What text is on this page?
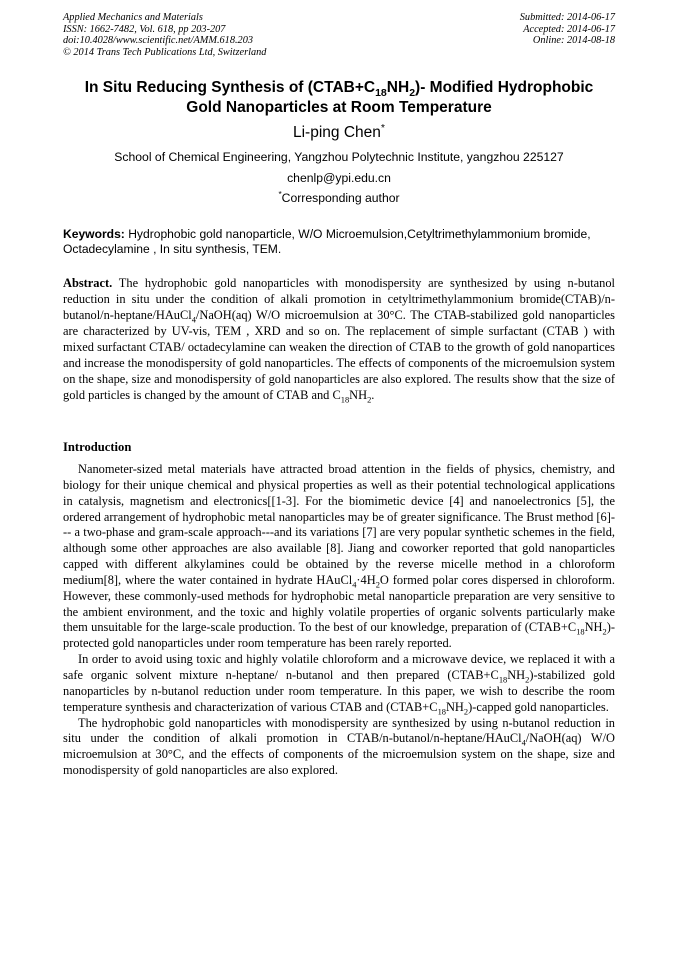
Applied Mechanics and Materials
ISSN: 1662-7482, Vol. 618, pp 203-207
doi:10.4028/www.scientific.net/AMM.618.203
© 2014 Trans Tech Publications Ltd, Switzerland
Submitted: 2014-06-17
Accepted: 2014-06-17
Online: 2014-08-18
In Situ Reducing Synthesis of $(CTAB+C_{18}NH_2)-$ Modified Hydrophobic
Gold Nanoparticles at Room Temperature
Li-ping Chen*
School of Chemical Engineering, Yangzhou Polytechnic Institute, yangzhou 225127
chenlp@ypi.edu.cn
*Corresponding author
Keywords: Hydrophobic gold nanoparticle, W/O Microemulsion,Cetyltrimethylammonium bromide, Octadecylamine , In situ synthesis, TEM.
Abstract. The hydrophobic gold nanoparticles with monodispersity are synthesized by using n-butanol reduction in situ under the condition of alkali promotion in cetyltrimethylammonium bromide(CTAB)/n-butanol/n-heptane/HAuCl$_4$/NaOH(aq) W/O microemulsion at 30°C. The CTAB-stabilized gold nanoparticles are characterized by UV-vis, TEM , XRD and so on. The replacement of simple surfactant (CTAB ) with mixed surfactant CTAB/ octadecylamine can weaken the direction of CTAB to the growth of gold nanopartices and increase the monodispersity of gold nanoparticles. The effects of components of the microemulsion system on the shape, size and monodispersity of gold nanoparticles are also explored. The results show that the size of gold particles is changed by the amount of CTAB and $C_{18}NH_2$.
Introduction

Nanometer-sized metal materials have attracted broad attention in the fields of physics, chemistry, and biology for their unique chemical and physical properties as well as their potential technological applications in catalysis, magnetism and electronics[[1-3]. For the biomimetic device [4] and nanoelectronics [5], the ordered arrangement of hydrophobic metal nanoparticles may be of greater significance. The Brust method [6]--- a two-phase and gram-scale approach---and its variations [7] are very popular synthetic schemes in the field, although some other approaches are also available [8]. Jiang and coworker reported that gold nanoparticles capped with different alkylamines could be obtained by the reverse micelle method in a chloroform medium[8], where the water contained in hydrate $HAuCl_4\cdot 4H_2O$ formed polar cores dispersed in chloroform. However, these commonly-used methods for hydrophobic metal nanoparticle preparation are very sensitive to the ambient environment, and the toxic and highly volatile properties of organic solvents particularly make them unsuitable for the large-scale production. To the best of our knowledge, preparation of $(CTAB+C_{18}NH_2)$-protected gold nanoparticles under room temperature has been rarely reported.

In order to avoid using toxic and highly volatile chloroform and a microwave device, we replaced it with a safe organic solvent mixture n-heptane/ n-butanol and then prepared $(CTAB+C_{18}NH_2)$-stabilized gold nanoparticles by n-butanol reduction under room temperature. In this paper, we wish to describe the room temperature synthesis and characterization of various CTAB and $(CTAB+C_{18}NH_2)$-capped gold nanoparticles.

The hydrophobic gold nanoparticles with monodispersity are synthesized by using n-butanol reduction in situ under the condition of alkali promotion in CTAB/n-butanol/n-heptane/HAuCl$_4$/NaOH(aq) W/O microemulsion at 30°C, and the effects of components of the microemulsion system on the shape, size and monodispersity of gold nanoparticles are also explored.
